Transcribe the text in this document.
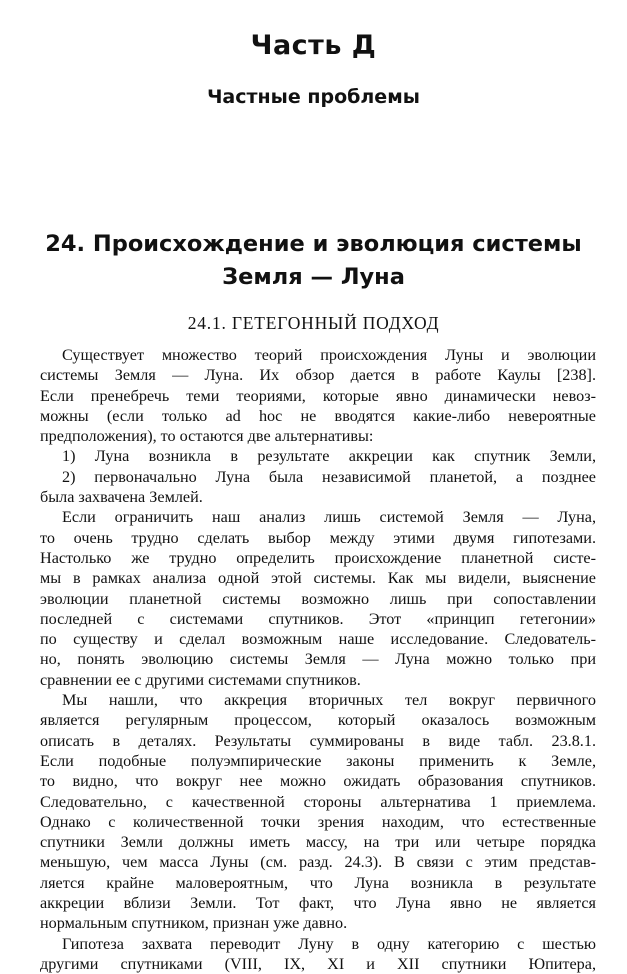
Часть Д
Частные проблемы
24. Происхождение и эволюция системы
Земля — Луна
24.1. ГЕТЕГОННЫЙ ПОДХОД
Существует множество теорий происхождения Луны и эволюции
системы Земля — Луна. Их обзор дается в работе Каулы [238].
Если пренебречь теми теориями, которые явно динамически невоз-
можны (если только ad hoc не вводятся какие-либо невероятные
предположения), то остаются две альтернативы:
1) Луна возникла в результате аккреции как спутник Земли,
2) первоначально Луна была независимой планетой, а позднее
была захвачена Землей.
Если ограничить наш анализ лишь системой Земля — Луна,
то очень трудно сделать выбор между этими двумя гипотезами.
Настолько же трудно определить происхождение планетной систе-
мы в рамках анализа одной этой системы. Как мы видели, выяснение
эволюции планетной системы возможно лишь при сопоставлении
последней с системами спутников. Этот «принцип гетегонии»
по существу и сделал возможным наше исследование. Следователь-
но, понять эволюцию системы Земля — Луна можно только при
сравнении ее с другими системами спутников.
Мы нашли, что аккреция вторичных тел вокруг первичного
является регулярным процессом, который оказалось возможным
описать в деталях. Результаты суммированы в виде табл. 23.8.1.
Если подобные полуэмпирические законы применить к Земле,
то видно, что вокруг нее можно ожидать образования спутников.
Следовательно, с качественной стороны альтернатива 1 приемлема.
Однако с количественной точки зрения находим, что естественные
спутники Земли должны иметь массу, на три или четыре порядка
меньшую, чем масса Луны (см. разд. 24.3). В связи с этим представ-
ляется крайне маловероятным, что Луна возникла в результате
аккреции вблизи Земли. Тот факт, что Луна явно не является
нормальным спутником, признан уже давно.
Гипотеза захвата переводит Луну в одну категорию с шестью
другими спутниками (VIII, IX, XI и XII спутники Юпитера,
